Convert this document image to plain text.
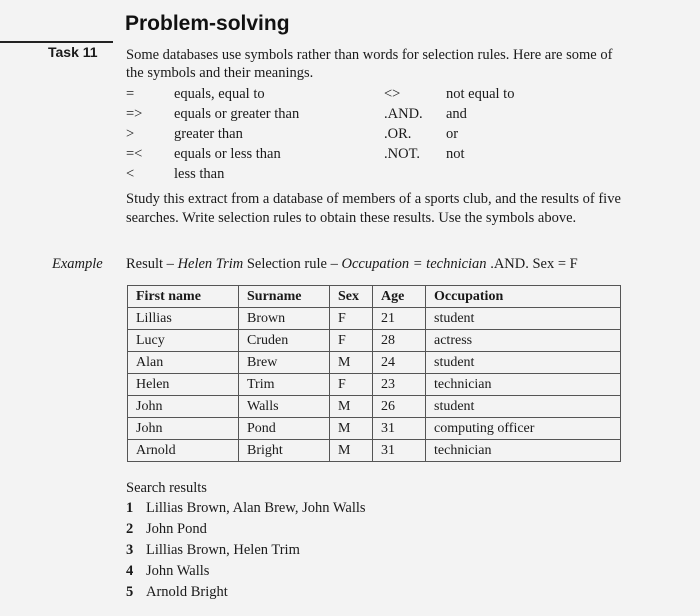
Problem-solving
Task 11 Some databases use symbols rather than words for selection rules. Here are some of the symbols and their meanings.
=	equals, equal to	<>	not equal to
=> equals or greater than	.AND. and
>	greater than	.OR. or
=< equals or less than	.NOT. not
<	less than
Study this extract from a database of members of a sports club, and the results of five searches. Write selection rules to obtain these results. Use the symbols above.
Example Result – Helen Trim Selection rule – Occupation = technician .AND. Sex = F
First name	Surname	Sex	Age	Occupation
Lillias	Brown	F	21	student
Lucy	Cruden	F	28	actress
Alan	Brew	M	24	student
Helen	Trim	F	23	technician
John	Walls	M	26	student
John	Pond	M	31	computing officer
Arnold	Bright	M	31	technician
Search results
1 Lillias Brown, Alan Brew, John Walls
2 John Pond
3 Lillias Brown, Helen Trim
4 John Walls
5 Arnold Bright
